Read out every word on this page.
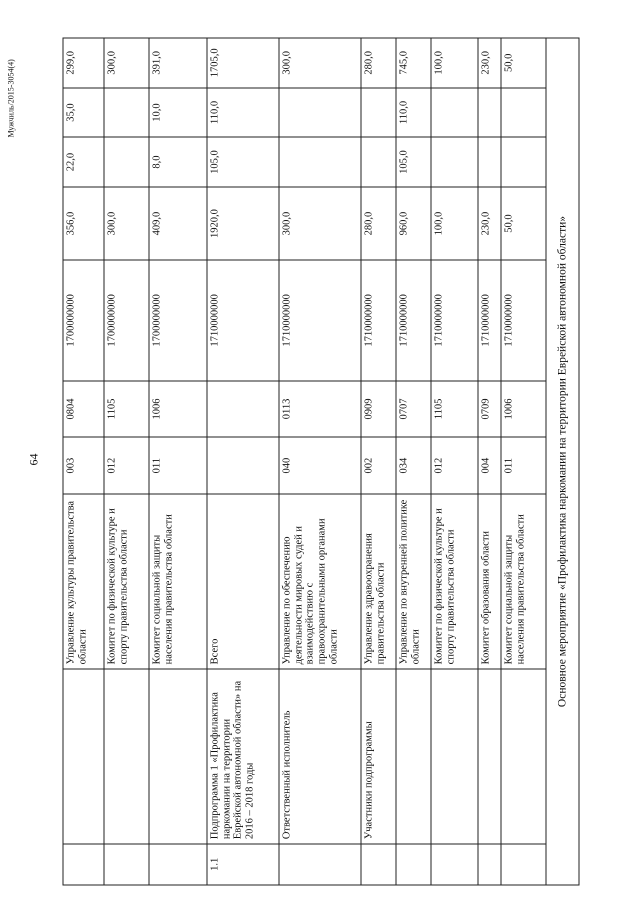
64
Мужчиль/2015-3054(4)
		Управление культуры правительства области	003	0804	1700000000	356,0	22,0	35,0	299,0
		Комитет по физической культуре и спорту правительства области	012	1105	1700000000	300,0			300,0
		Комитет социальной защиты населения правительства области	011	1006	1700000000	409,0	8,0	10,0	391,0
1.1	Подпрограмма 1 «Профилактика наркомании на территории Еврейской автономной области» на 2016 – 2018 годы	Всего			1710000000	1920,0	105,0	110,0	1705,0
	Ответственный исполнитель	Управление по обеспечению деятельности мировых судей и взаимодействию с правоохранительными органами области	040	0113	1710000000	300,0			300,0
	Участники подпрограммы	Управление здравоохранения правительства области	002	0909	1710000000	280,0			280,0
		Управление по внутренней политике области	034	0707	1710000000	960,0	105,0	110,0	745,0
		Комитет по физической культуре и спорту правительства области	012	1105	1710000000	100,0			100,0
		Комитет образования области	004	0709	1710000000	230,0			230,0
		Комитет социальной защиты населения правительства области	011	1006	1710000000	50,0			50,0
Основное мероприятие «Профилактика наркомании на территории Еврейской автономной области»									
